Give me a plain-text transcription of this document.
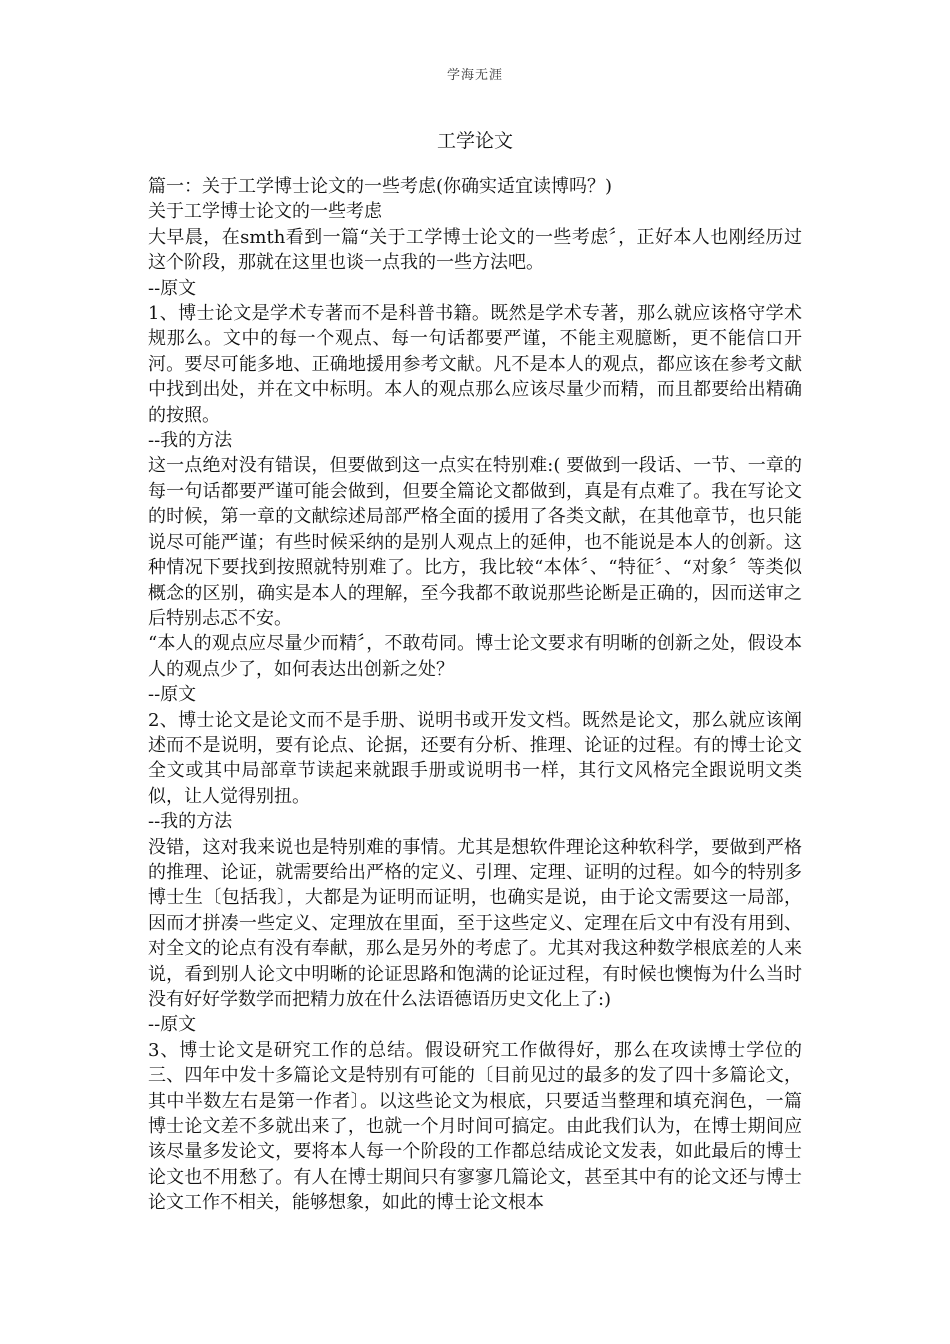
学海无涯
工学论文

篇一：关于工学博士论文的一些考虑(你确实适宜读博吗？)

关于工学博士论文的一些考虑

大早晨，在smth看到一篇“关于工学博士论文的一些考虑〞，正好本人也刚经历过这个阶段，那就在这里也谈一点我的一些方法吧。

--原文

1、博士论文是学术专著而不是科普书籍。既然是学术专著，那么就应该格守学术规那么。文中的每一个观点、每一句话都要严谨，不能主观臆断，更不能信口开河。要尽可能多地、正确地援用参考文献。凡不是本人的观点，都应该在参考文献中找到出处，并在文中标明。本人的观点那么应该尽量少而精，而且都要给出精确的按照。

--我的方法

这一点绝对没有错误，但要做到这一点实在特别难:( 要做到一段话、一节、一章的每一句话都要严谨可能会做到，但要全篇论文都做到，真是有点难了。我在写论文的时候，第一章的文献综述局部严格全面的援用了各类文献，在其他章节，也只能说尽可能严谨；有些时候采纳的是别人观点上的延伸，也不能说是本人的创新。这种情况下要找到按照就特别难了。比方，我比较“本体〞、“特征〞、“对象〞等类似概念的区别，确实是本人的理解，至今我都不敢说那些论断是正确的，因而送审之后特别忐忑不安。

“本人的观点应尽量少而精〞，不敢苟同。博士论文要求有明晰的创新之处，假设本人的观点少了，如何表达出创新之处？

--原文

2、博士论文是论文而不是手册、说明书或开发文档。既然是论文，那么就应该阐述而不是说明，要有论点、论据，还要有分析、推理、论证的过程。有的博士论文全文或其中局部章节读起来就跟手册或说明书一样，其行文风格完全跟说明文类似，让人觉得别扭。

--我的方法

没错，这对我来说也是特别难的事情。尤其是想软件理论这种软科学，要做到严格的推理、论证，就需要给出严格的定义、引理、定理、证明的过程。如今的特别多博士生〔包括我〕，大都是为证明而证明，也确实是说，由于论文需要这一局部，因而才拼凑一些定义、定理放在里面，至于这些定义、定理在后文中有没有用到、对全文的论点有没有奉献，那么是另外的考虑了。尤其对我这种数学根底差的人来说，看到别人论文中明晰的论证思路和饱满的论证过程，有时候也懊悔为什么当时没有好好学数学而把精力放在什么法语德语历史文化上了:)

--原文

3、博士论文是研究工作的总结。假设研究工作做得好，那么在攻读博士学位的三、四年中发十多篇论文是特别有可能的〔目前见过的最多的发了四十多篇论文，其中半数左右是第一作者〕。以这些论文为根底，只要适当整理和填充润色，一篇博士论文差不多就出来了，也就一个月时间可搞定。由此我们认为，在博士期间应该尽量多发论文，要将本人每一个阶段的工作都总结成论文发表，如此最后的博士论文也不用愁了。有人在博士期间只有寥寥几篇论文，甚至其中有的论文还与博士论文工作不相关，能够想象，如此的博士论文根本
